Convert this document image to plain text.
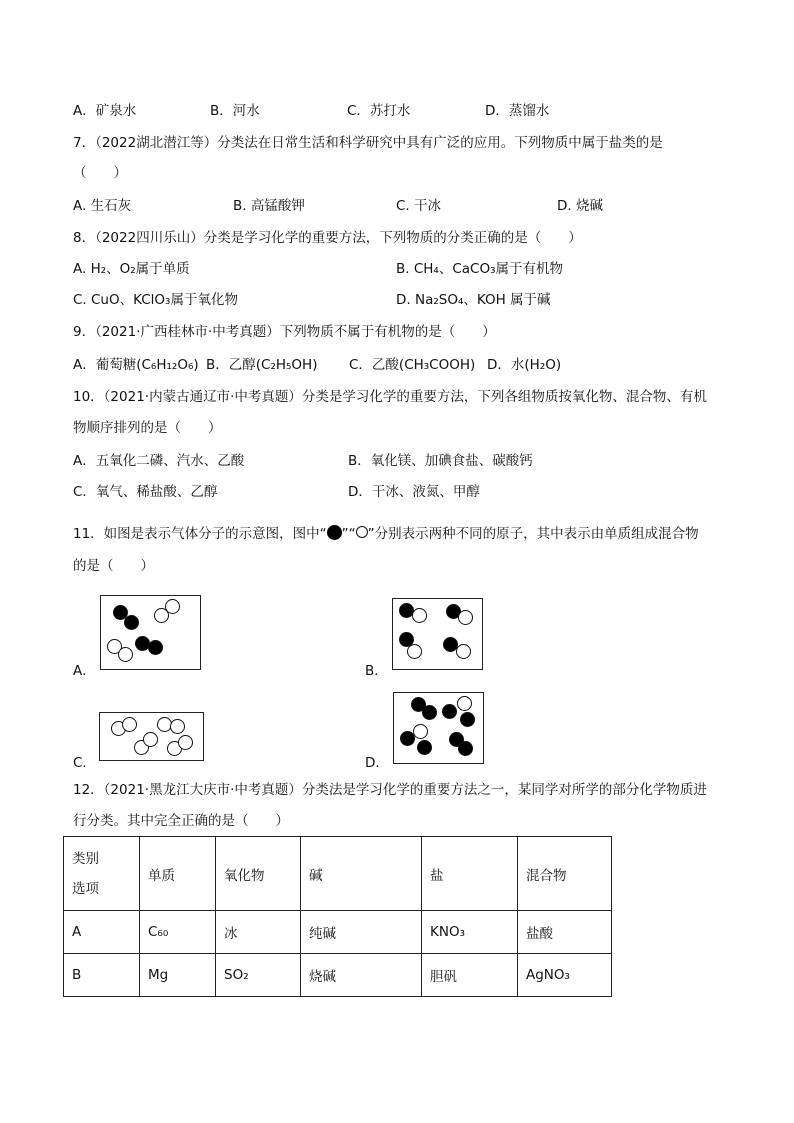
A．矿泉水	B．河水	C．苏打水	D．蒸馏水
7．（2022湖北潜江等）分类法在日常生活和科学研究中具有广泛的应用。下列物质中属于盐类的是
（　　）
A. 生石灰	B. 高锰酸钾	C. 干冰	D. 烧碱
8．（2022四川乐山）分类是学习化学的重要方法，下列物质的分类正确的是（　　）
A. H₂、O₂属于单质	B. CH₄、CaCO₃属于有机物
C. CuO、KClO₃属于氧化物	D. Na₂SO₄、KOH 属于碱
9．（2021·广西桂林市·中考真题）下列物质不属于有机物的是（　　）
A．葡萄糖(C₆H₁₂O₆) B．乙醇(C₂H₅OH) C．乙酸(CH₃COOH) D．水(H₂O)
10．（2021·内蒙古通辽市·中考真题）分类是学习化学的重要方法，下列各组物质按氧化物、混合物、有机
物顺序排列的是（　　）
A．五氧化二磷、汽水、乙酸	B．氧化镁、加碘食盐、碳酸钙
C．氧气、稀盐酸、乙醇	D．干冰、液氮、甲醇
11．如图是表示气体分子的示意图，图中“ ”“ ”分别表示两种不同的原子，其中表示由单质组成混合物
的是（　　）
A．	B．
C．	D．
12．（2021·黑龙江大庆市·中考真题）分类法是学习化学的重要方法之一，某同学对所学的部分化学物质进
行分类。其中完全正确的是（　　）
类别
选项	单质	氧化物	碱	盐	混合物
A	C₆₀	冰	纯碱	KNO₃	盐酸
B	Mg	SO₂	烧碱	胆矾	AgNO₃
